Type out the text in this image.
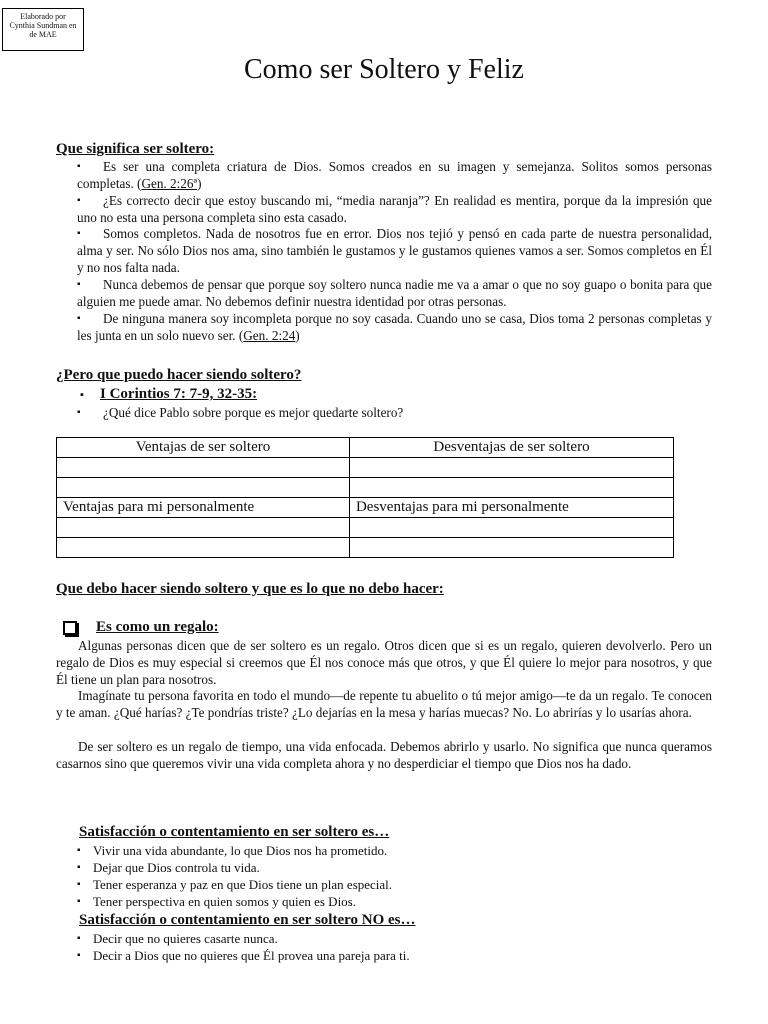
Elaborado por
Cynthia Sundman en
de MAE
Como ser Soltero y Feliz
Que significa ser soltero:
▪ Es ser una completa criatura de Dios. Somos creados en su imagen y semejanza. Solitos somos personas completas. (Gen. 2:26ª)
▪ ¿Es correcto decir que estoy buscando mi, “media naranja”? En realidad es mentira, porque da la impresión que uno no esta una persona completa sino esta casado.
▪ Somos completos. Nada de nosotros fue en error. Dios nos tejió y pensó en cada parte de nuestra personalidad, alma y ser. No sólo Dios nos ama, sino también le gustamos y le gustamos quienes vamos a ser. Somos completos en Él y no nos falta nada.
▪ Nunca debemos de pensar que porque soy soltero nunca nadie me va a amar o que no soy guapo o bonita para que alguien me puede amar. No debemos definir nuestra identidad por otras personas.
▪ De ninguna manera soy incompleta porque no soy casada. Cuando uno se casa, Dios toma 2 personas completas y les junta en un solo nuevo ser. (Gen. 2:24)
¿Pero que puedo hacer siendo soltero?
▪ I Corintios 7: 7-9, 32-35:
▪ ¿Qué dice Pablo sobre porque es mejor quedarte soltero?
Ventajas de ser soltero	Desventajas de ser soltero

Ventajas para mi personalmente	Desventajas para mi personalmente

Que debo hacer siendo soltero y que es lo que no debo hacer:
Es como un regalo:
Algunas personas dicen que de ser soltero es un regalo. Otros dicen que si es un regalo, quieren devolverlo. Pero un regalo de Dios es muy especial si creemos que Él nos conoce más que otros, y que Él quiere lo mejor para nosotros, y que Él tiene un plan para nosotros.
Imagínate tu persona favorita en todo el mundo—de repente tu abuelito o tú mejor amigo—te da un regalo. Te conocen y te aman. ¿Qué harías? ¿Te pondrías triste? ¿Lo dejarías en la mesa y harías muecas? No. Lo abrirías y lo usarías ahora.
De ser soltero es un regalo de tiempo, una vida enfocada. Debemos abrirlo y usarlo. No significa que nunca queramos casarnos sino que queremos vivir una vida completa ahora y no desperdiciar el tiempo que Dios nos ha dado.
Satisfacción o contentamiento en ser soltero es…
▪ Vivir una vida abundante, lo que Dios nos ha prometido.
▪ Dejar que Dios controla tu vida.
▪ Tener esperanza y paz en que Dios tiene un plan especial.
▪ Tener perspectiva en quien somos y quien es Dios.
Satisfacción o contentamiento en ser soltero NO es…
▪ Decir que no quieres casarte nunca.
▪ Decir a Dios que no quieres que Él provea una pareja para ti.
